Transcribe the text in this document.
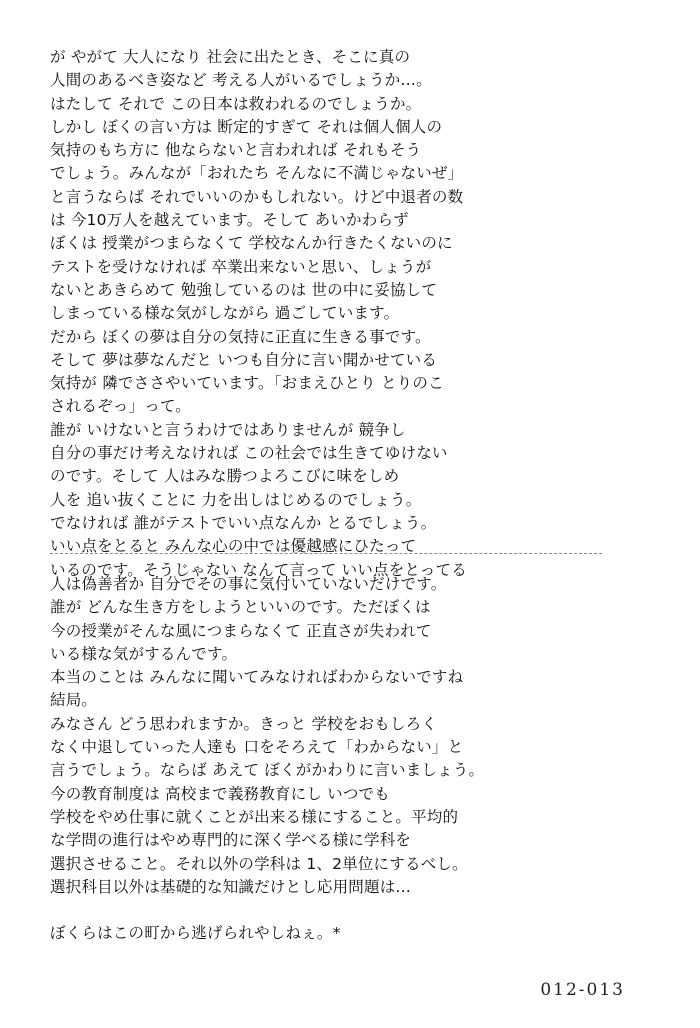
が やがて 大人になり 社会に出たとき、そこに真の
人間のあるべき姿など 考える人がいるでしょうか…。
はたして それで この日本は救われるのでしょうか。
しかし ぼくの言い方は 断定的すぎて それは個人個人の
気持のもち方に 他ならないと言われれば それもそう
でしょう。みんなが「おれたち そんなに不満じゃないぜ」
と言うならば それでいいのかもしれない。けど中退者の数
は 今10万人を越えています。そして あいかわらず
ぼくは 授業がつまらなくて 学校なんか行きたくないのに
テストを受けなければ 卒業出来ないと思い、しょうが
ないとあきらめて 勉強しているのは 世の中に妥協して
しまっている様な気がしながら 過ごしています。
だから ぼくの夢は自分の気持に正直に生きる事です。
そして 夢は夢なんだと いつも自分に言い聞かせている
気持が 隣でささやいています。「おまえひとり とりのこ
されるぞっ」って。
誰が いけないと言うわけではありませんが 競争し
自分の事だけ考えなければ この社会では生きてゆけない
のです。そして 人はみな勝つよろこびに味をしめ
人を 追い抜くことに 力を出しはじめるのでしょう。
でなければ 誰がテストでいい点なんか とるでしょう。
いい点をとると みんな心の中では優越感にひたって
いるのです。そうじゃない なんて言って いい点をとってる
人は偽善者か 自分でその事に気付いていないだけです。
誰が どんな生き方をしようといいのです。ただぼくは
今の授業がそんな風につまらなくて 正直さが失われて
いる様な気がするんです。
本当のことは みんなに聞いてみなければわからないですね
結局。
みなさん どう思われますか。きっと 学校をおもしろく
なく中退していった人達も 口をそろえて「わからない」と
言うでしょう。ならば あえて ぼくがかわりに言いましょう。
今の教育制度は 高校まで義務教育にし いつでも
学校をやめ仕事に就くことが出来る様にすること。平均的
な学問の進行はやめ専門的に深く学べる様に学科を
選択させること。それ以外の学科は 1、2単位にするべし。
選択科目以外は基礎的な知識だけとし応用問題は…
ぼくらはこの町から逃げられやしねぇ。*
012-013
